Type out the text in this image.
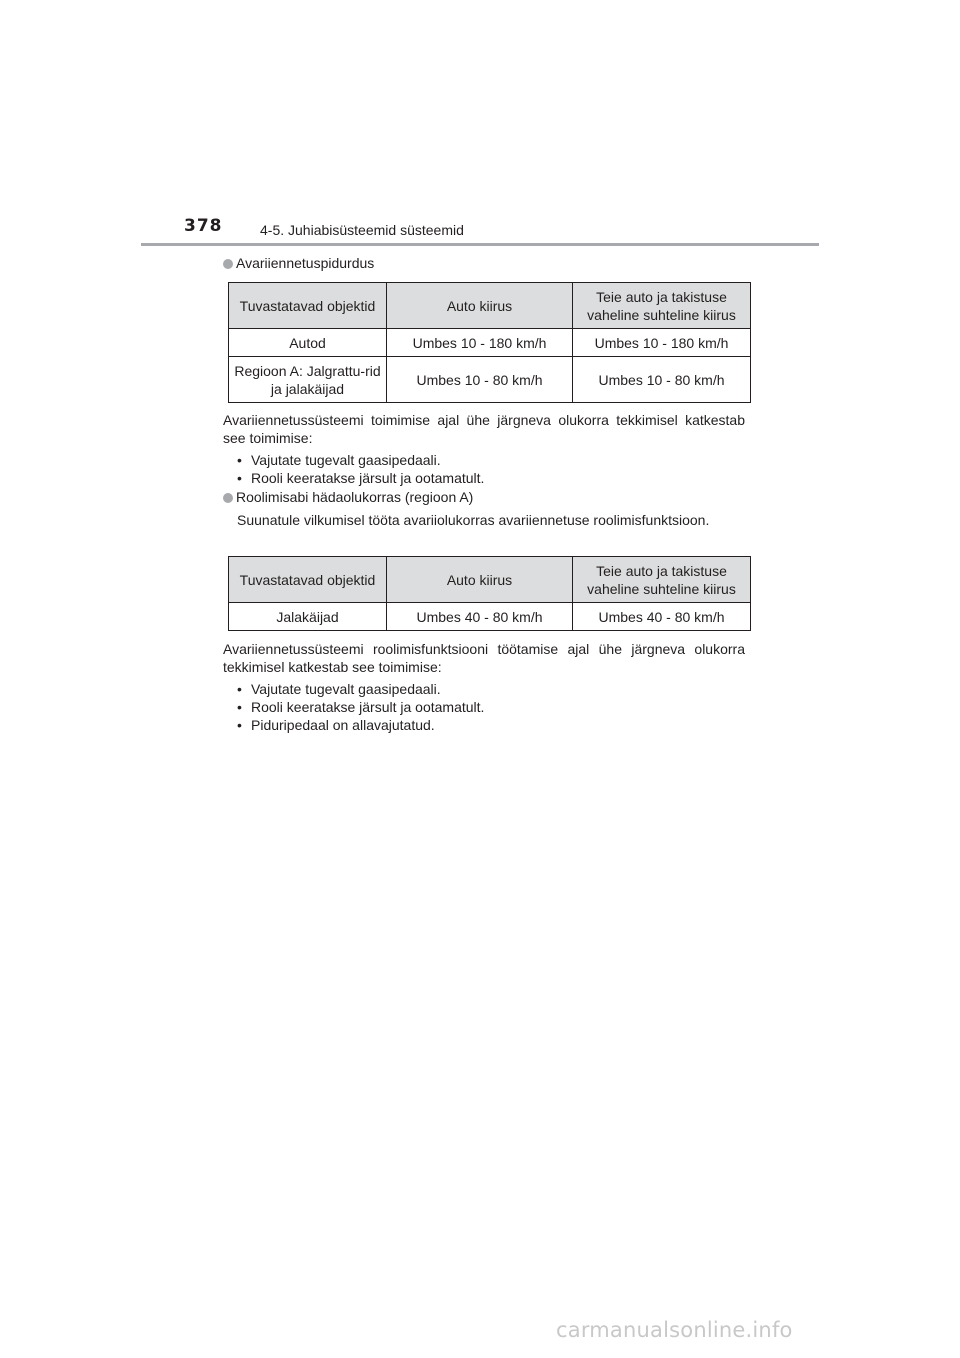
378	4-5. Juhiabisüsteemid süsteemid
Avariiennetuspidurdus
Tuvastatavad objektid	Auto kiirus	Teie auto ja takistuse vaheline suhteline kiirus
Autod	Umbes 10 - 180 km/h	Umbes 10 - 180 km/h
Regioon A: Jalgrattu-rid ja jalakäijad	Umbes 10 - 80 km/h	Umbes 10 - 80 km/h
Avariiennetussüsteemi toimimise ajal ühe järgneva olukorra tekkimisel katkestab see toimimise:
• Vajutate tugevalt gaasipedaali.
• Rooli keeratakse järsult ja ootamatult.
Roolimisabi hädaolukorras (regioon A)
Suunatule vilkumisel tööta avariiolukorras avariiennetuse roolimisfunktsioon.
Tuvastatavad objektid	Auto kiirus	Teie auto ja takistuse vaheline suhteline kiirus
Jalakäijad	Umbes 40 - 80 km/h	Umbes 40 - 80 km/h
Avariiennetussüsteemi roolimisfunktsiooni töötamise ajal ühe järgneva olukorra tekkimisel katkestab see toimimise:
• Vajutate tugevalt gaasipedaali.
• Rooli keeratakse järsult ja ootamatult.
• Piduripedaal on allavajutatud.
carmanualsonline.info
